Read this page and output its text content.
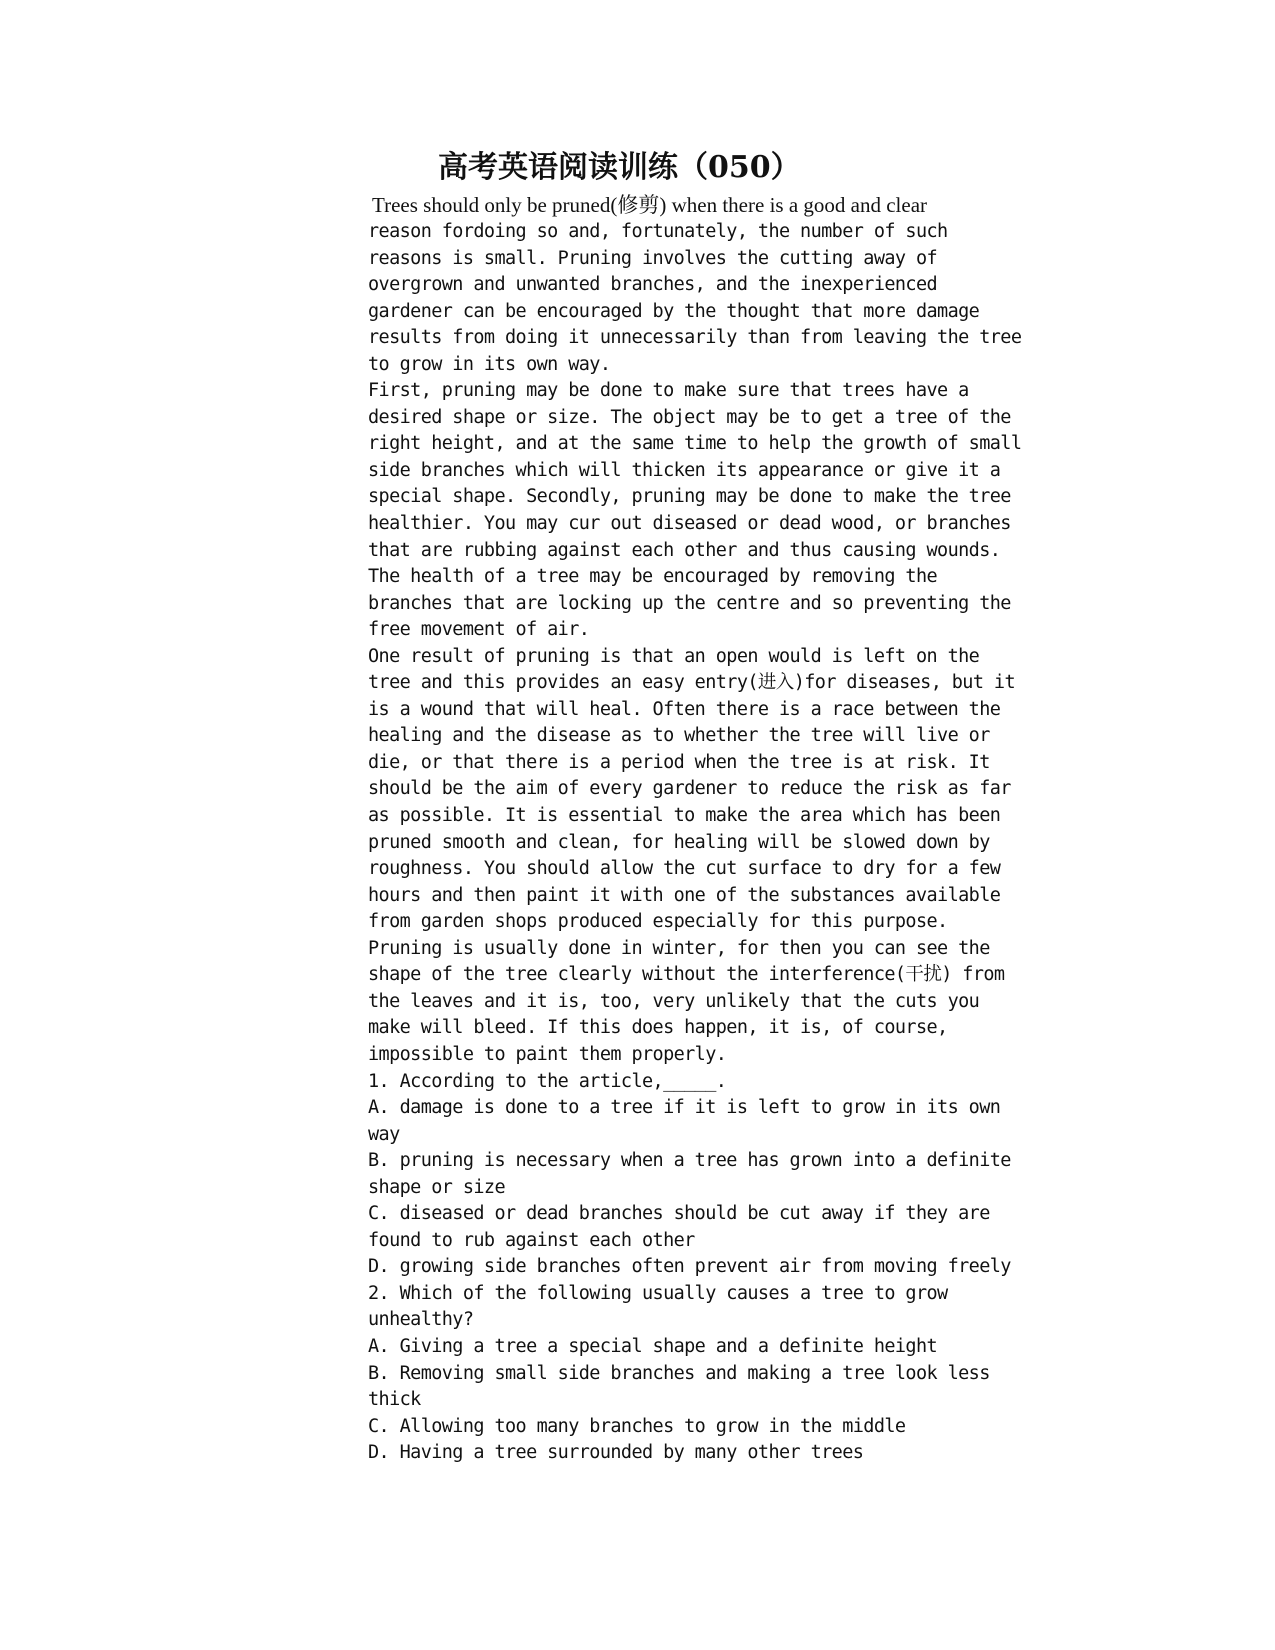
高考英语阅读训练（050）

Trees should only be pruned(修剪) when there is a good and clear

reason fordoing so and, fortunately, the number of such
reasons is small. Pruning involves the cutting away of
overgrown and unwanted branches, and the inexperienced
gardener can be encouraged by the thought that more damage
results from doing it unnecessarily than from leaving the tree
to grow in its own way.
First, pruning may be done to make sure that trees have a
desired shape or size. The object may be to get a tree of the
right height, and at the same time to help the growth of small
side branches which will thicken its appearance or give it a
special shape. Secondly, pruning may be done to make the tree
healthier. You may cur out diseased or dead wood, or branches
that are rubbing against each other and thus causing wounds.
The health of a tree may be encouraged by removing the
branches that are locking up the centre and so preventing the
free movement of air.
One result of pruning is that an open would is left on the
tree and this provides an easy entry(进入)for diseases, but it
is a wound that will heal. Often there is a race between the
healing and the disease as to whether the tree will live or
die, or that there is a period when the tree is at risk. It
should be the aim of every gardener to reduce the risk as far
as possible. It is essential to make the area which has been
pruned smooth and clean, for healing will be slowed down by
roughness. You should allow the cut surface to dry for a few
hours and then paint it with one of the substances available
from garden shops produced especially for this purpose.
Pruning is usually done in winter, for then you can see the
shape of the tree clearly without the interference(干扰) from
the leaves and it is, too, very unlikely that the cuts you
make will bleed. If this does happen, it is, of course,
impossible to paint them properly.
1. According to the article,_____.
A. damage is done to a tree if it is left to grow in its own
way
B. pruning is necessary when a tree has grown into a definite
shape or size
C. diseased or dead branches should be cut away if they are
found to rub against each other
D. growing side branches often prevent air from moving freely
2. Which of the following usually causes a tree to grow
unhealthy?
A. Giving a tree a special shape and a definite height
B. Removing small side branches and making a tree look less
thick
C. Allowing too many branches to grow in the middle
D. Having a tree surrounded by many other trees
